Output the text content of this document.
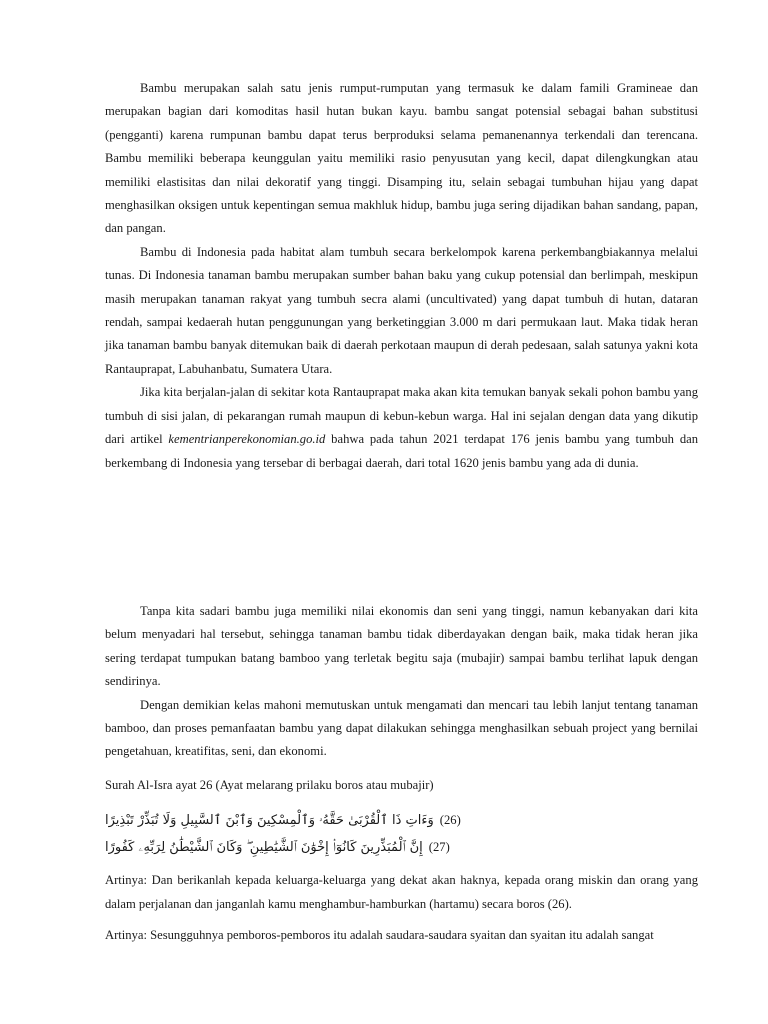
Bambu merupakan salah satu jenis rumput-rumputan yang termasuk ke dalam famili Gramineae dan merupakan bagian dari komoditas hasil hutan bukan kayu. bambu sangat potensial sebagai bahan substitusi (pengganti) karena rumpunan bambu dapat terus berproduksi selama pemanenannya terkendali dan terencana. Bambu memiliki beberapa keunggulan yaitu memiliki rasio penyusutan yang kecil, dapat dilengkungkan atau memiliki elastisitas dan nilai dekoratif yang tinggi. Disamping itu, selain sebagai tumbuhan hijau yang dapat menghasilkan oksigen untuk kepentingan semua makhluk hidup, bambu juga sering dijadikan bahan sandang, papan, dan pangan.

Bambu di Indonesia pada habitat alam tumbuh secara berkelompok karena perkembangbiakannya melalui tunas. Di Indonesia tanaman bambu merupakan sumber bahan baku yang cukup potensial dan berlimpah, meskipun masih merupakan tanaman rakyat yang tumbuh secra alami (uncultivated) yang dapat tumbuh di hutan, dataran rendah, sampai kedaerah hutan penggunungan yang berketinggian 3.000 m dari permukaan laut. Maka tidak heran jika tanaman bambu banyak ditemukan baik di daerah perkotaan maupun di derah pedesaan, salah satunya yakni kota Rantauprapat, Labuhanbatu, Sumatera Utara.

Jika kita berjalan-jalan di sekitar kota Rantauprapat maka akan kita temukan banyak sekali pohon bambu yang tumbuh di sisi jalan, di pekarangan rumah maupun di kebun-kebun warga. Hal ini sejalan dengan data yang dikutip dari artikel kementrianperekonomian.go.id bahwa pada tahun 2021 terdapat 176 jenis bambu yang tumbuh dan berkembang di Indonesia yang tersebar di berbagai daerah, dari total 1620 jenis bambu yang ada di dunia.

Tanpa kita sadari bambu juga memiliki nilai ekonomis dan seni yang tinggi, namun kebanyakan dari kita belum menyadari hal tersebut, sehingga tanaman bambu tidak diberdayakan dengan baik, maka tidak heran jika sering terdapat tumpukan batang bamboo yang terletak begitu saja (mubajir) sampai bambu terlihat lapuk dengan sendirinya.

Dengan demikian kelas mahoni memutuskan untuk mengamati dan mencari tau lebih lanjut tentang tanaman bamboo, dan proses pemanfaatan bambu yang dapat dilakukan sehingga menghasilkan sebuah project yang bernilai pengetahuan, kreatifitas, seni, dan ekonomi.

Surah Al-Isra ayat 26 (Ayat melarang prilaku boros atau mubajir)

وَءَاتِ ذَا ٱلْقُرْبَىٰ حَقَّهُۥ وَٱلْمِسْكِينَ وَٱبْنَ ٱلسَّبِيلِ وَلَا تُبَذِّرْ تَبْذِيرًا (26)
إِنَّ ٱلْمُبَذِّرِينَ كَانُوٓا۟ إِخْوَٰنَ ٱلشَّيَٰطِينِ ۖ وَكَانَ ٱلشَّيْطَٰنُ لِرَبِّهِۦ كَفُورًا (27)

Artinya: Dan berikanlah kepada keluarga-keluarga yang dekat akan haknya, kepada orang miskin dan orang yang dalam perjalanan dan janganlah kamu menghambur-hamburkan (hartamu) secara boros (26).

Artinya: Sesungguhnya pemboros-pemboros itu adalah saudara-saudara syaitan dan syaitan itu adalah sangat
